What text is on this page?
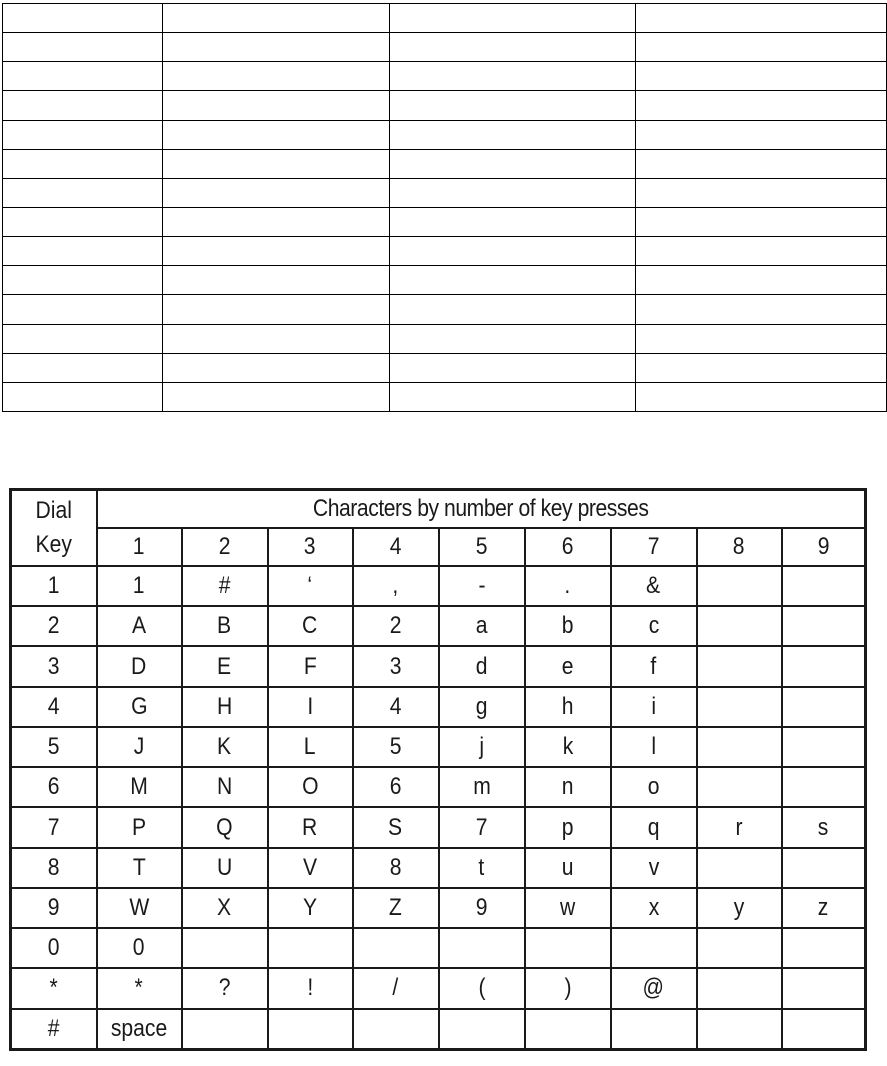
Dial Key	Characters by number of key presses								
	1	2	3	4	5	6	7	8	9
1	1	#	‘	,	-	.	&		
2	A	B	C	2	a	b	c		
3	D	E	F	3	d	e	f		
4	G	H	I	4	g	h	i		
5	J	K	L	5	j	k	l		
6	M	N	O	6	m	n	o		
7	P	Q	R	S	7	p	q	r	s
8	T	U	V	8	t	u	v		
9	W	X	Y	Z	9	w	x	y	z
0	0								
*	*	?	!	/	(	)	@		
#	space								
